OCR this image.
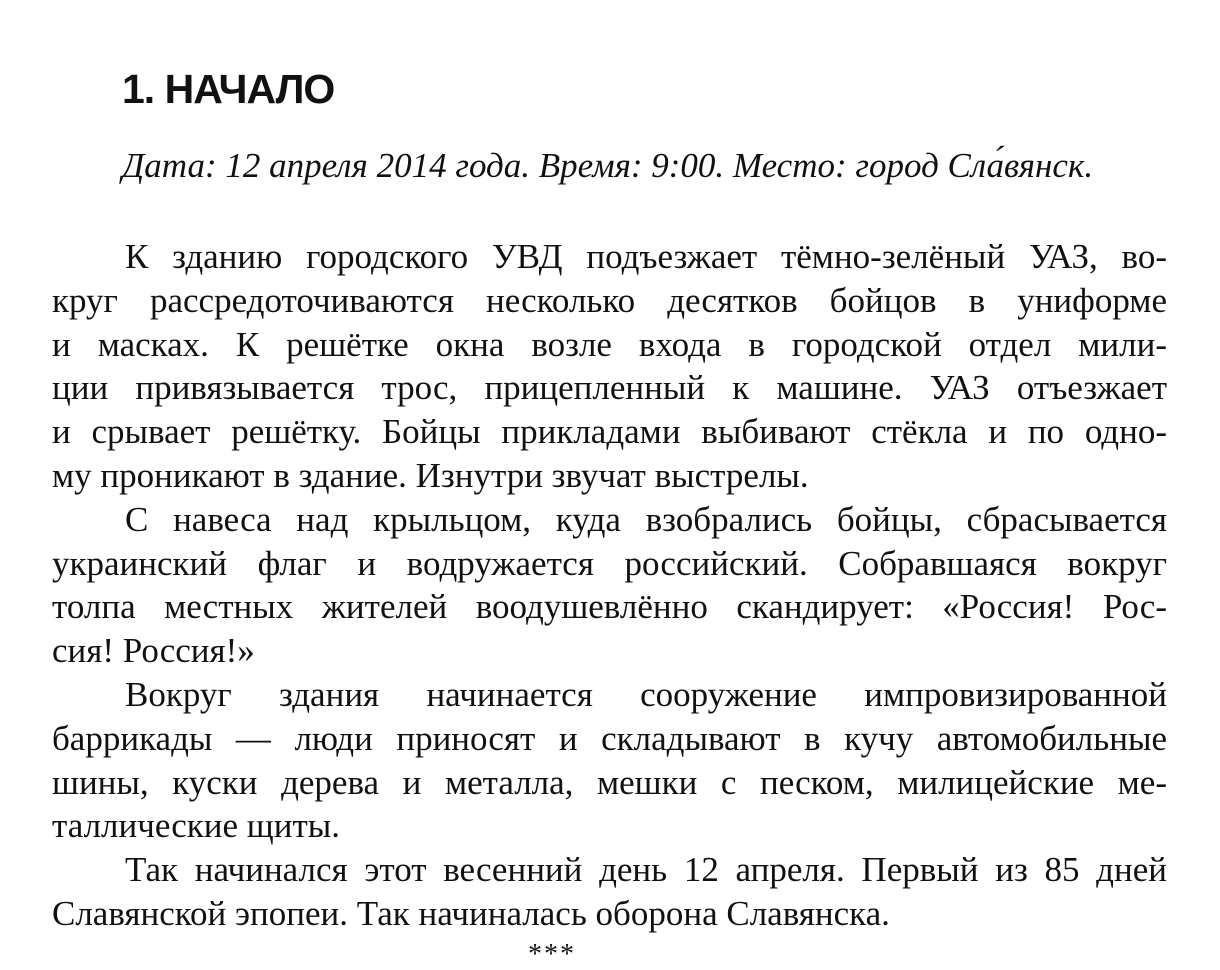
1. НАЧАЛО

Дата: 12 апреля 2014 года. Время: 9:00. Место: город Сла́вянск.

К зданию городского УВД подъезжает тёмно-зелёный УАЗ, во-
круг рассредоточиваются несколько десятков бойцов в униформе
и масках. К решётке окна возле входа в городской отдел мили-
ции привязывается трос, прицепленный к машине. УАЗ отъезжает
и срывает решётку. Бойцы прикладами выбивают стёкла и по одно-
му проникают в здание. Изнутри звучат выстрелы.
С навеса над крыльцом, куда взобрались бойцы, сбрасывается
украинский флаг и водружается российский. Собравшаяся вокруг
толпа местных жителей воодушевлённо скандирует: «Россия! Рос-
сия! Россия!»
Вокруг здания начинается сооружение импровизированной
баррикады — люди приносят и складывают в кучу автомобильные
шины, куски дерева и металла, мешки с песком, милицейские ме-
таллические щиты.
Так начинался этот весенний день 12 апреля. Первый из 85 дней
Славянской эпопеи. Так начиналась оборона Славянска.
***
